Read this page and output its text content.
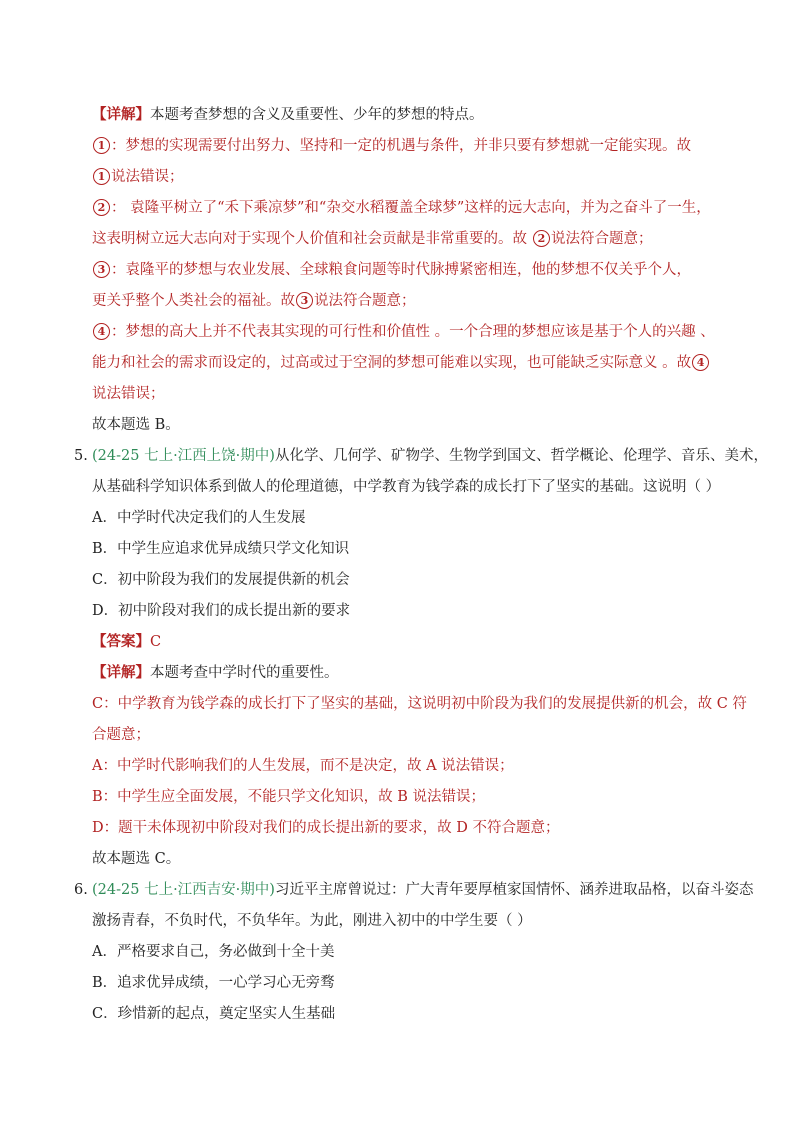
【详解】 本题考查梦想的含义及重要性、少年的梦想的特点。
1 ：梦想的实现需要付出努力、坚持和一定的机遇与条件，并非只要有梦想就一定能实现。故
1 说法错误；
2 ： 袁隆平树立了“禾下乘凉梦”和“杂交水稻覆盖全球梦”这样的远大志向，并为之奋斗了一生，
这表明树立远大志向对于实现个人价值和社会贡献是非常重要的。故 2 说法符合题意；
3 ：袁隆平的梦想与农业发展、全球粮食问题等时代脉搏紧密相连，他的梦想不仅关乎个人，
更关乎整个人类社会的福祉。故 3 说法符合题意；
4 ：梦想的高大上并不代表其实现的可行性和价值性 。一个合理的梦想应该是基于个人的兴趣 、
能力和社会的需求而设定的，过高或过于空洞的梦想可能难以实现，也可能缺乏实际意义 。故 4
说法错误；
故本题选 B。
5. (24-25 七上·江西上饶·期中) 从化学、几何学、矿物学、生物学到国文、哲学概论、伦理学、音乐、美术，
从基础科学知识体系到做人的伦理道德，中学教育为钱学森的成长打下了坚实的基础。这说明（ ）
A．中学时代决定我们的人生发展
B．中学生应追求优异成绩只学文化知识
C．初中阶段为我们的发展提供新的机会
D．初中阶段对我们的成长提出新的要求
【答案】 C
【详解】 本题考查中学时代的重要性。
C：中学教育为钱学森的成长打下了坚实的基础，这说明初中阶段为我们的发展提供新的机会，故 C 符
合题意；
A：中学时代影响我们的人生发展，而不是决定，故 A 说法错误；
B：中学生应全面发展，不能只学文化知识，故 B 说法错误；
D：题干未体现初中阶段对我们的成长提出新的要求，故 D 不符合题意；
故本题选 C。
6. (24-25 七上·江西吉安·期中) 习近平主席曾说过：广大青年要厚植家国情怀、涵养进取品格，以奋斗姿态
激扬青春，不负时代，不负华年。为此，刚进入初中的中学生要（ ）
A．严格要求自己，务必做到十全十美
B．追求优异成绩，一心学习心无旁骛
C．珍惜新的起点，奠定坚实人生基础
